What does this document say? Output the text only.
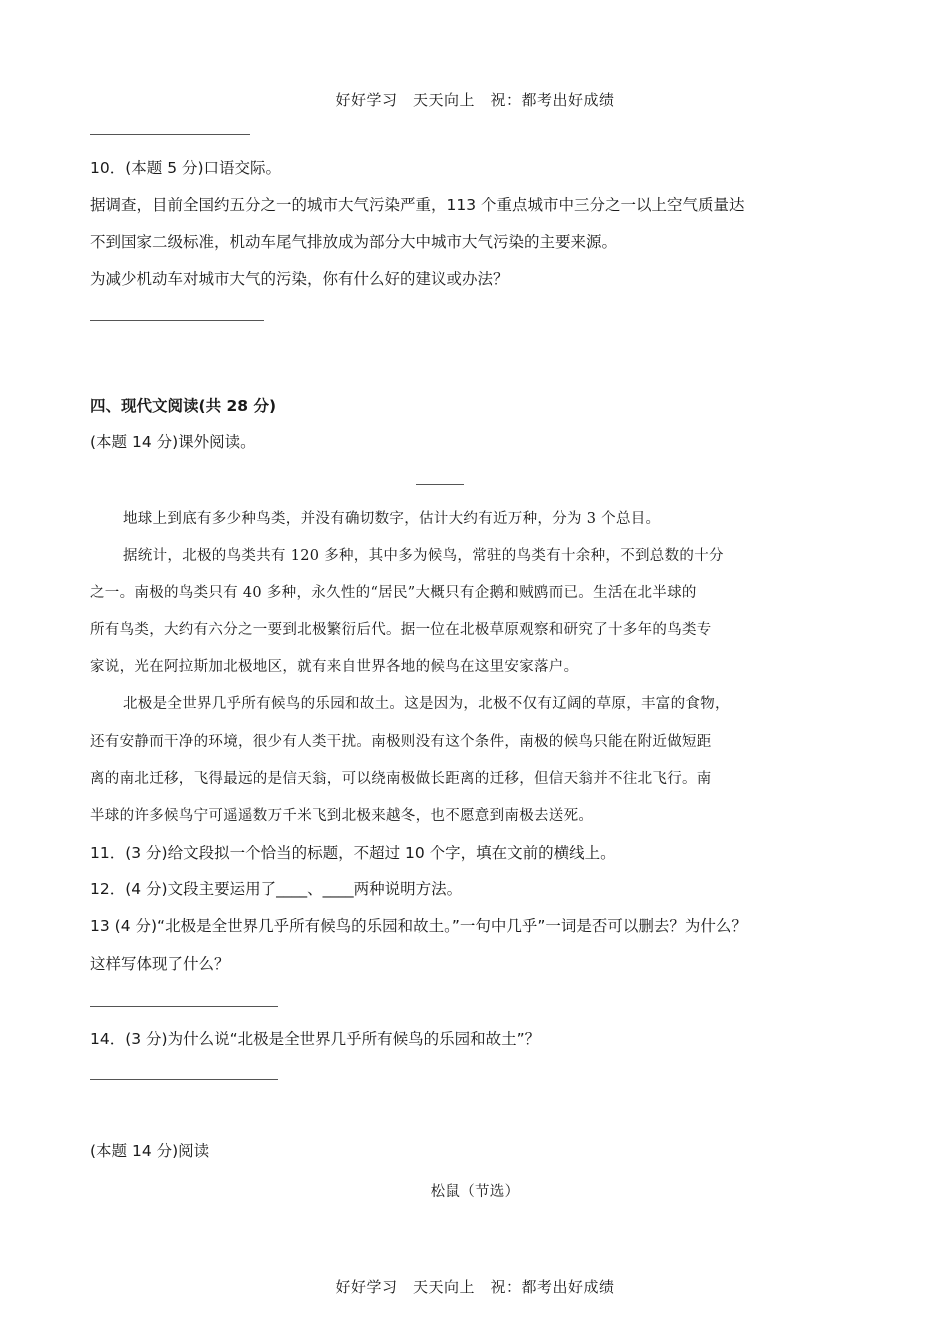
好好学习　天天向上　祝：都考出好成绩
10．(本题 5 分)口语交际。
据调查，目前全国约五分之一的城市大气污染严重，113 个重点城市中三分之一以上空气质量达
不到国家二级标准，机动车尾气排放成为部分大中城市大气污染的主要来源。
为减少机动车对城市大气的污染，你有什么好的建议或办法？
四、现代文阅读(共 28 分)
(本题 14 分)课外阅读。
地球上到底有多少种鸟类，并没有确切数字，估计大约有近万种，分为 3 个总目。
据统计，北极的鸟类共有 120 多种，其中多为候鸟，常驻的鸟类有十余种，不到总数的十分
之一。南极的鸟类只有 40 多种，永久性的“居民”大概只有企鹅和贼鸥而已。生活在北半球的
所有鸟类，大约有六分之一要到北极繁衍后代。据一位在北极草原观察和研究了十多年的鸟类专
家说，光在阿拉斯加北极地区，就有来自世界各地的候鸟在这里安家落户。
北极是全世界几乎所有候鸟的乐园和故土。这是因为，北极不仅有辽阔的草原，丰富的食物，
还有安静而干净的环境，很少有人类干扰。南极则没有这个条件，南极的候鸟只能在附近做短距
离的南北迁移，飞得最远的是信天翁，可以绕南极做长距离的迁移，但信天翁并不往北飞行。南
半球的许多候鸟宁可遥遥数万千米飞到北极来越冬，也不愿意到南极去送死。
11．(3 分)给文段拟一个恰当的标题，不超过 10 个字，填在文前的横线上。
12．(4 分)文段主要运用了____、____两种说明方法。
13 (4 分)“北极是全世界几乎所有候鸟的乐园和故土。”一句中几乎”一词是否可以删去？为什么？
这样写体现了什么？
14．(3 分)为什么说“北极是全世界几乎所有候鸟的乐园和故土”？
(本题 14 分)阅读
松鼠（节选）
好好学习　天天向上　祝：都考出好成绩
